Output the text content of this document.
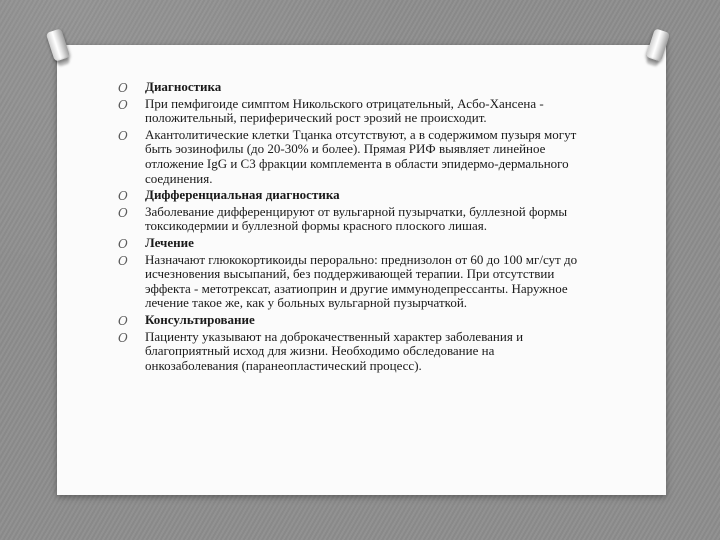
O Диагностика
O При пемфигоиде симптом Никольского отрицательный, Асбо-Хансена - положительный, периферический рост эрозий не происходит.
O Акантолитические клетки Тцанка отсутствуют, а в содержимом пузыря могут быть эозинофилы (до 20-30% и более). Прямая РИФ выявляет линейное отложение IgG и C3 фракции комплемента в области эпидермо-дермального соединения.
O Дифференциальная диагностика
O Заболевание дифференцируют от вульгарной пузырчатки, буллезной формы токсикодермии и буллезной формы красного плоского лишая.
O Лечение
O Назначают глюкокортикоиды перорально: преднизолон от 60 до 100 мг/сут до исчезновения высыпаний, без поддерживающей терапии. При отсутствии эффекта - метотрексат, азатиоприн и другие иммунодепрессанты. Наружное лечение такое же, как у больных вульгарной пузырчаткой.
O Консультирование
O Пациенту указывают на доброкачественный характер заболевания и благоприятный исход для жизни. Необходимо обследование на онкозаболевания (паранеопластический процесс).
